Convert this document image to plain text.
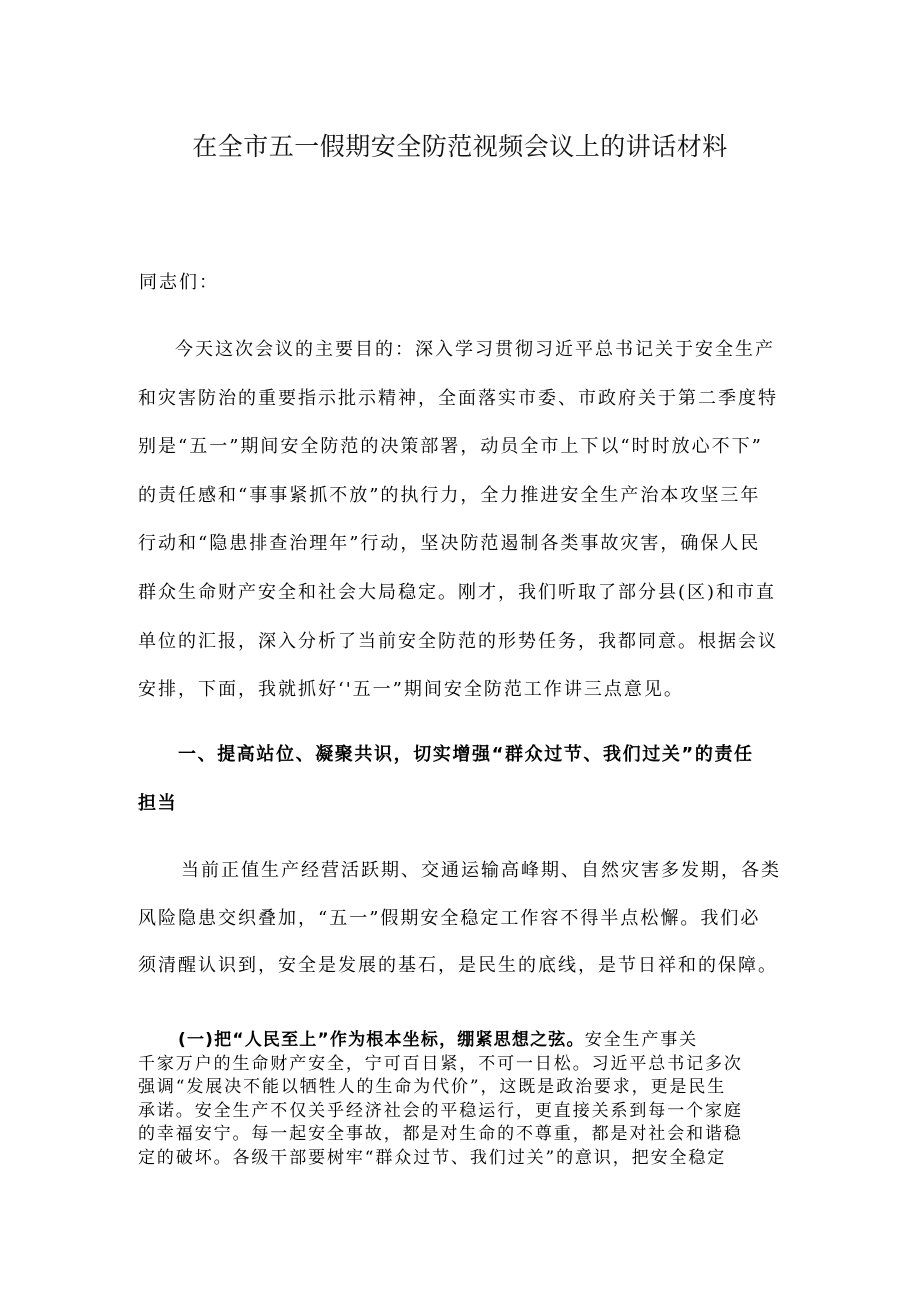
在全市五一假期安全防范视频会议上的讲话材料
同志们：
今天这次会议的主要目的：深入学习贯彻习近平总书记关于安全生产
和灾害防治的重要指示批示精神，全面落实市委、市政府关于第二季度特
别是“五一”期间安全防范的决策部署，动员全市上下以“时时放心不下”
的责任感和“事事紧抓不放”的执行力，全力推进安全生产治本攻坚三年
行动和“隐患排查治理年”行动，坚决防范遏制各类事故灾害，确保人民
群众生命财产安全和社会大局稳定。刚才，我们听取了部分县(区)和市直
单位的汇报，深入分析了当前安全防范的形势任务，我都同意。根据会议
安排，下面，我就抓好‘'五一”期间安全防范工作讲三点意见。
一、提高站位、凝聚共识，切实增强“群众过节、我们过关”的责任
担当
当前正值生产经营活跃期、交通运输高峰期、自然灾害多发期，各类
风险隐患交织叠加，“五一”假期安全稳定工作容不得半点松懈。我们必
须清醒认识到，安全是发展的基石，是民生的底线，是节日祥和的保障。
(一)把“人民至上”作为根本坐标，绷紧思想之弦。安全生产事关
千家万户的生命财产安全，宁可百日紧，不可一日松。习近平总书记多次
强调“发展决不能以牺牲人的生命为代价”，这既是政治要求，更是民生
承诺。安全生产不仅关乎经济社会的平稳运行，更直接关系到每一个家庭
的幸福安宁。每一起安全事故，都是对生命的不尊重，都是对社会和谐稳
定的破坏。各级干部要树牢“群众过节、我们过关”的意识，把安全稳定
